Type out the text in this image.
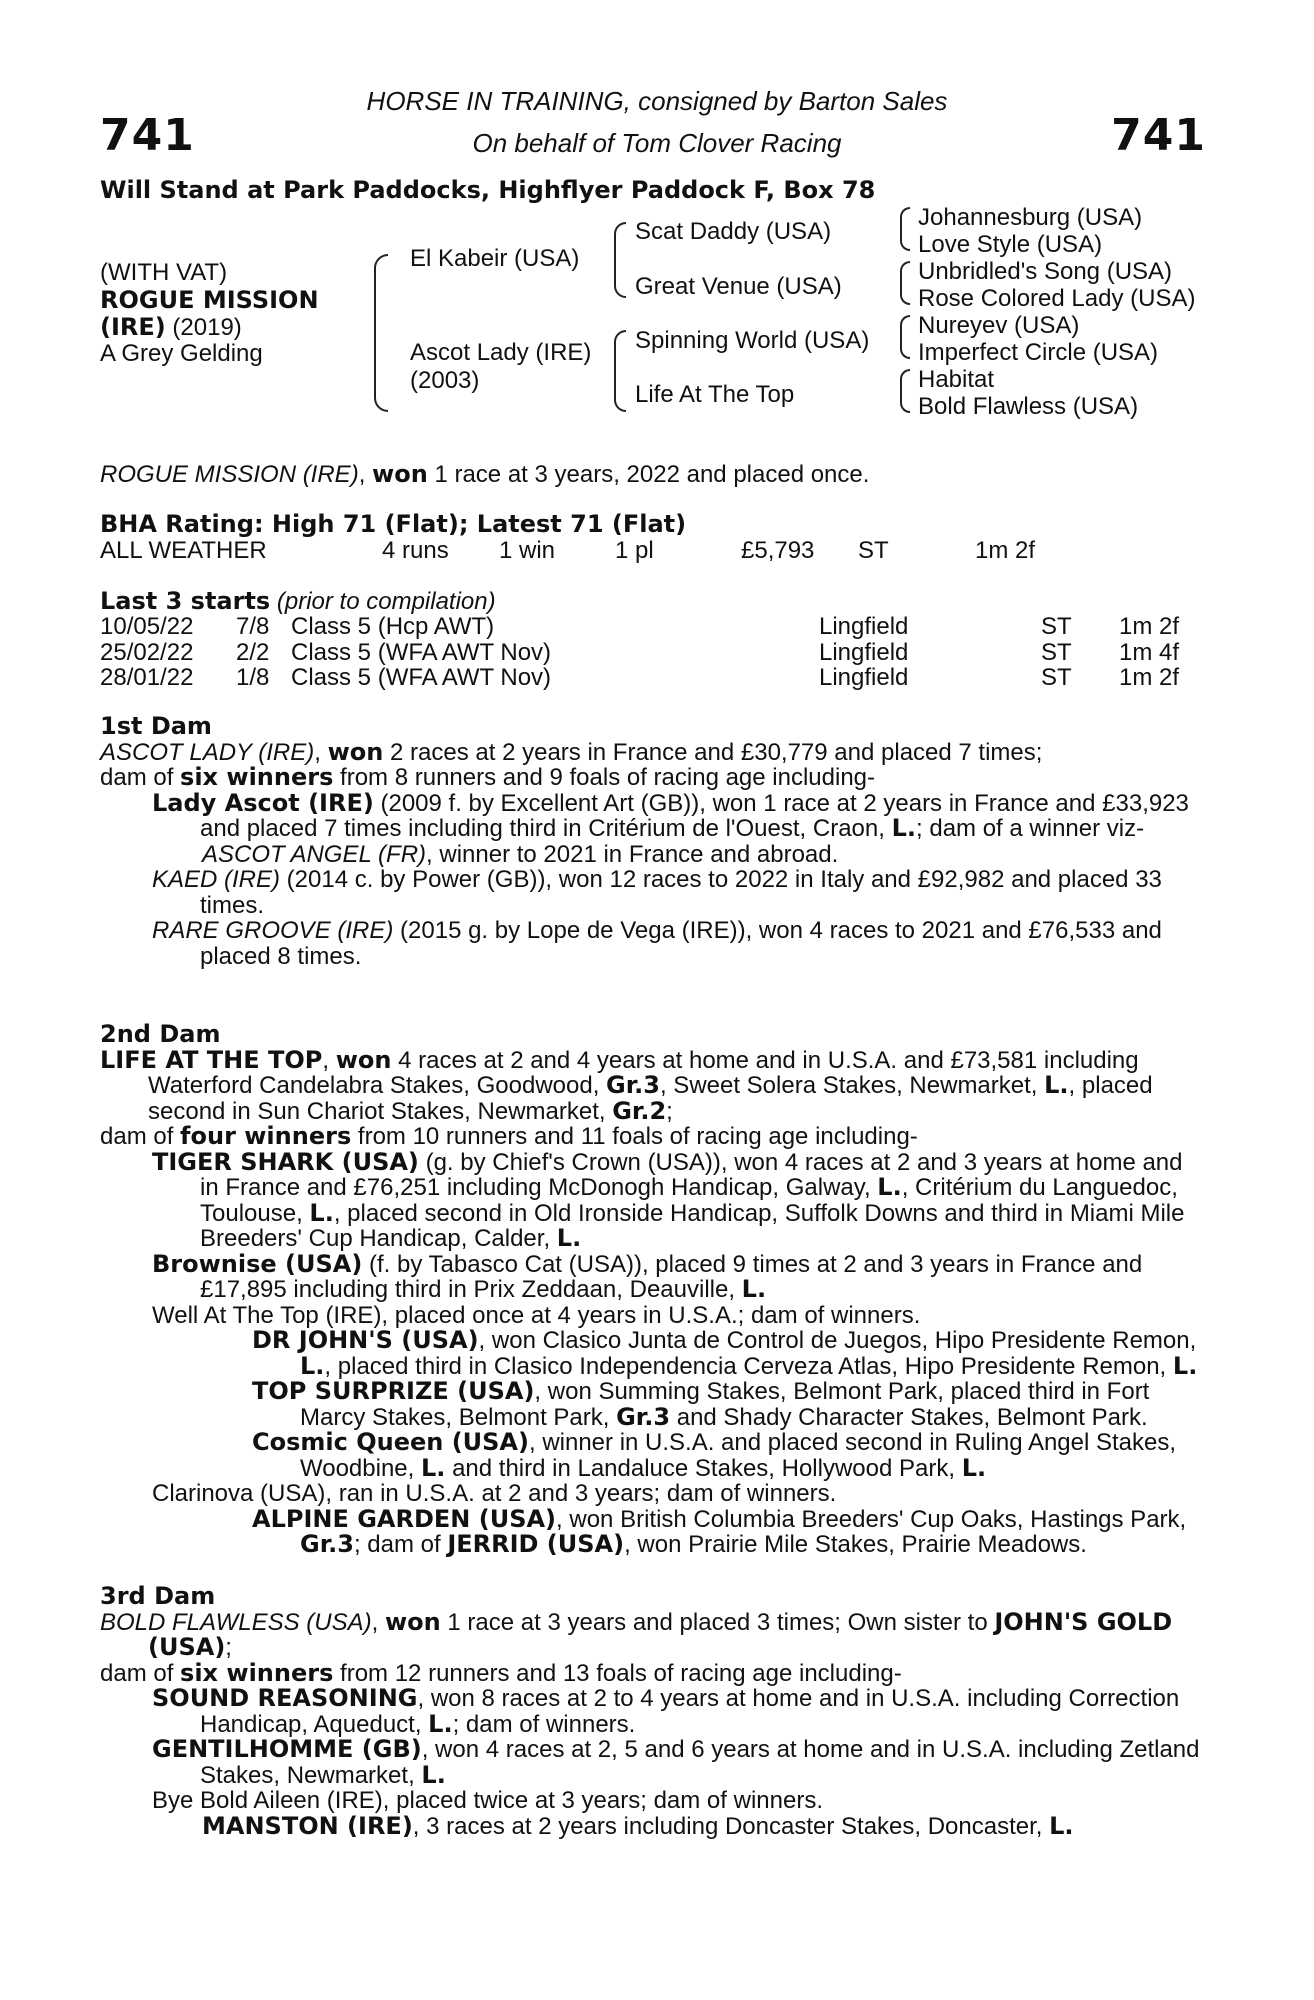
741	741
HORSE IN TRAINING, consigned by Barton Sales
On behalf of Tom Clover Racing
Will Stand at Park Paddocks, Highflyer Paddock F, Box 78
(WITH VAT)
ROGUE MISSION
(IRE) (2019)
A Grey Gelding
El Kabeir (USA)
Ascot Lady (IRE)
(2003)
Scat Daddy (USA)
Great Venue (USA)
Spinning World (USA)
Life At The Top
Johannesburg (USA)
Love Style (USA)
Unbridled's Song (USA)
Rose Colored Lady (USA)
Nureyev (USA)
Imperfect Circle (USA)
Habitat
Bold Flawless (USA)
ROGUE MISSION (IRE), won 1 race at 3 years, 2022 and placed once.
BHA Rating: High 71 (Flat); Latest 71 (Flat)
ALL WEATHER	4 runs 1 win 1 pl	£5,793 ST	1m 2f
Last 3 starts (prior to compilation)
10/05/22 7/8 Class 5 (Hcp AWT)	Lingfield	ST 1m 2f
25/02/22 2/2 Class 5 (WFA AWT Nov)	Lingfield	ST 1m 4f
28/01/22 1/8 Class 5 (WFA AWT Nov)	Lingfield	ST 1m 2f

1st Dam

ASCOT LADY (IRE), won 2 races at 2 years in France and £30,779 and placed 7 times;

dam of six winners from 8 runners and 9 foals of racing age including-

Lady Ascot (IRE) (2009 f. by Excellent Art (GB)), won 1 race at 2 years in France and £33,923 and placed 7 times including third in Critérium de l'Ouest, Craon, L.; dam of a winner viz-

ASCOT ANGEL (FR), winner to 2021 in France and abroad.

KAED (IRE) (2014 c. by Power (GB)), won 12 races to 2022 in Italy and £92,982 and placed 33 times.

RARE GROOVE (IRE) (2015 g. by Lope de Vega (IRE)), won 4 races to 2021 and £76,533 and placed 8 times.

2nd Dam

LIFE AT THE TOP, won 4 races at 2 and 4 years at home and in U.S.A. and £73,581 including Waterford Candelabra Stakes, Goodwood, Gr.3, Sweet Solera Stakes, Newmarket, L., placed second in Sun Chariot Stakes, Newmarket, Gr.2;

dam of four winners from 10 runners and 11 foals of racing age including-

TIGER SHARK (USA) (g. by Chief's Crown (USA)), won 4 races at 2 and 3 years at home and in France and £76,251 including McDonogh Handicap, Galway, L., Critérium du Languedoc, Toulouse, L., placed second in Old Ironside Handicap, Suffolk Downs and third in Miami Mile Breeders' Cup Handicap, Calder, L.

Brownise (USA) (f. by Tabasco Cat (USA)), placed 9 times at 2 and 3 years in France and £17,895 including third in Prix Zeddaan, Deauville, L.

Well At The Top (IRE), placed once at 4 years in U.S.A.; dam of winners.

DR JOHN'S (USA), won Clasico Junta de Control de Juegos, Hipo Presidente Remon, L., placed third in Clasico Independencia Cerveza Atlas, Hipo Presidente Remon, L.

TOP SURPRIZE (USA), won Summing Stakes, Belmont Park, placed third in Fort Marcy Stakes, Belmont Park, Gr.3 and Shady Character Stakes, Belmont Park.

Cosmic Queen (USA), winner in U.S.A. and placed second in Ruling Angel Stakes, Woodbine, L. and third in Landaluce Stakes, Hollywood Park, L.

Clarinova (USA), ran in U.S.A. at 2 and 3 years; dam of winners.

ALPINE GARDEN (USA), won British Columbia Breeders' Cup Oaks, Hastings Park, Gr.3; dam of JERRID (USA), won Prairie Mile Stakes, Prairie Meadows.

3rd Dam

BOLD FLAWLESS (USA), won 1 race at 3 years and placed 3 times; Own sister to JOHN'S GOLD (USA);

dam of six winners from 12 runners and 13 foals of racing age including-

SOUND REASONING, won 8 races at 2 to 4 years at home and in U.S.A. including Correction Handicap, Aqueduct, L.; dam of winners.

GENTILHOMME (GB), won 4 races at 2, 5 and 6 years at home and in U.S.A. including Zetland Stakes, Newmarket, L.

Bye Bold Aileen (IRE), placed twice at 3 years; dam of winners.

MANSTON (IRE), 3 races at 2 years including Doncaster Stakes, Doncaster, L.
